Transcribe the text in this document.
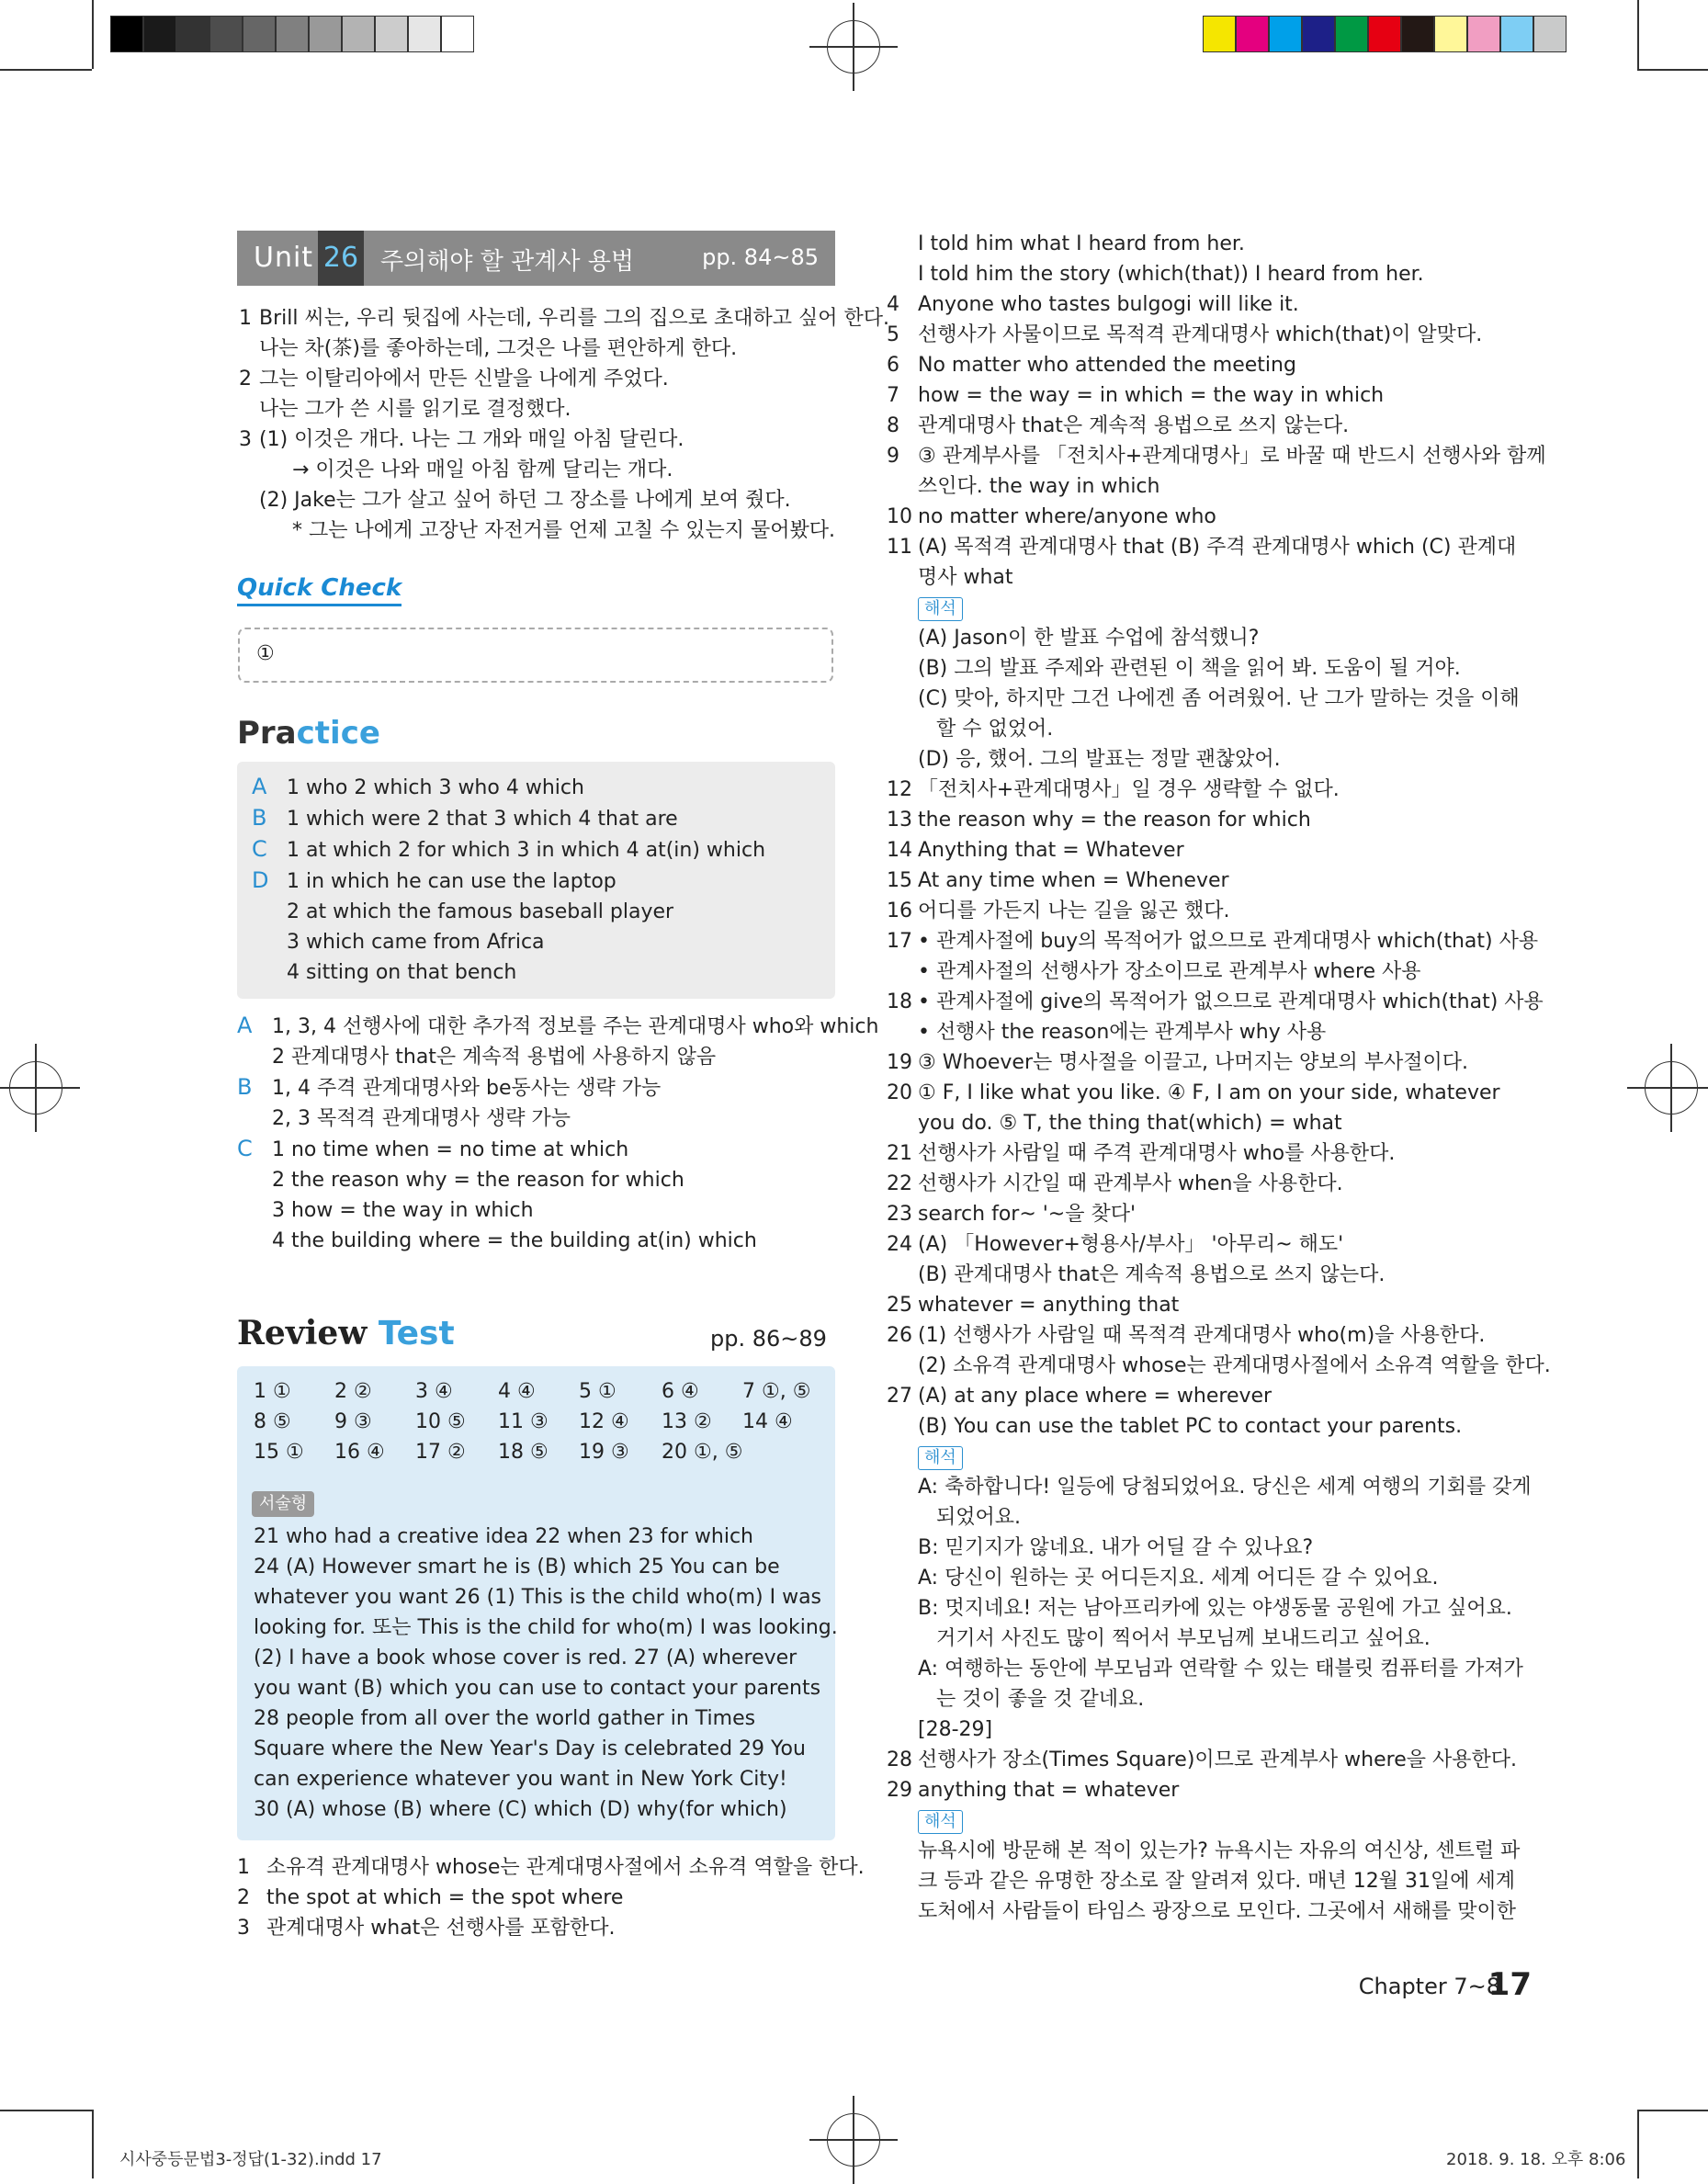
Unit 26 주의해야 할 관계사 용법	pp. 84~85
1 Brill 씨는, 우리 뒷집에 사는데, 우리를 그의 집으로 초대하고 싶어 한다.
나는 차(茶)를 좋아하는데, 그것은 나를 편안하게 한다.
2 그는 이탈리아에서 만든 신발을 나에게 주었다.
나는 그가 쓴 시를 읽기로 결정했다.
3 (1) 이것은 개다. 나는 그 개와 매일 아침 달린다.
→ 이것은 나와 매일 아침 함께 달리는 개다.
(2) Jake는 그가 살고 싶어 하던 그 장소를 나에게 보여 줬다.
* 그는 나에게 고장난 자전거를 언제 고칠 수 있는지 물어봤다.
Quick Check
①
Practice
A 1 who 2 which 3 who 4 which
B 1 which were 2 that 3 which 4 that are
C 1 at which 2 for which 3 in which 4 at(in) which
D 1 in which he can use the laptop
2 at which the famous baseball player
3 which came from Africa
4 sitting on that bench
A 1, 3, 4 선행사에 대한 추가적 정보를 주는 관계대명사 who와 which
2 관계대명사 that은 계속적 용법에 사용하지 않음
B 1, 4 주격 관계대명사와 be동사는 생략 가능
2, 3 목적격 관계대명사 생략 가능
C 1 no time when = no time at which
2 the reason why = the reason for which
3 how = the way in which
4 the building where = the building at(in) which
Review Test	pp. 86~89
1 ① 2 ② 3 ④ 4 ④ 5 ① 6 ④ 7 ①, ⑤
8 ⑤ 9 ③ 10 ⑤ 11 ③ 12 ④ 13 ② 14 ④
15 ① 16 ④ 17 ② 18 ⑤ 19 ③ 20 ①, ⑤
서술형
21 who had a creative idea 22 when 23 for which
24 (A) However smart he is (B) which 25 You can be
whatever you want 26 (1) This is the child who(m) I was
looking for. 또는 This is the child for who(m) I was looking.
(2) I have a book whose cover is red. 27 (A) wherever
you want (B) which you can use to contact your parents
28 people from all over the world gather in Times
Square where the New Year's Day is celebrated 29 You
can experience whatever you want in New York City!
30 (A) whose (B) where (C) which (D) why(for which)
1 소유격 관계대명사 whose는 관계대명사절에서 소유격 역할을 한다.
2 the spot at which = the spot where
3 관계대명사 what은 선행사를 포함한다.
I told him what I heard from her.
I told him the story (which(that)) I heard from her.
4 Anyone who tastes bulgogi will like it.
5 선행사가 사물이므로 목적격 관계대명사 which(that)이 알맞다.
6 No matter who attended the meeting
7 how = the way = in which = the way in which
8 관계대명사 that은 계속적 용법으로 쓰지 않는다.
9 ③ 관계부사를 「전치사+관계대명사」로 바꿀 때 반드시 선행사와 함께
쓰인다. the way in which
10 no matter where/anyone who
11 (A) 목적격 관계대명사 that (B) 주격 관계대명사 which (C) 관계대
명사 what
해석
(A) Jason이 한 발표 수업에 참석했니?
(B) 그의 발표 주제와 관련된 이 책을 읽어 봐. 도움이 될 거야.
(C) 맞아, 하지만 그건 나에겐 좀 어려웠어. 난 그가 말하는 것을 이해
할 수 없었어.
(D) 응, 했어. 그의 발표는 정말 괜찮았어.
12 「전치사+관계대명사」일 경우 생략할 수 없다.
13 the reason why = the reason for which
14 Anything that = Whatever
15 At any time when = Whenever
16 어디를 가든지 나는 길을 잃곤 했다.
17 • 관계사절에 buy의 목적어가 없으므로 관계대명사 which(that) 사용
• 관계사절의 선행사가 장소이므로 관계부사 where 사용
18 • 관계사절에 give의 목적어가 없으므로 관계대명사 which(that) 사용
• 선행사 the reason에는 관계부사 why 사용
19 ③ Whoever는 명사절을 이끌고, 나머지는 양보의 부사절이다.
20 ① F, I like what you like. ④ F, I am on your side, whatever
you do. ⑤ T, the thing that(which) = what
21 선행사가 사람일 때 주격 관계대명사 who를 사용한다.
22 선행사가 시간일 때 관계부사 when을 사용한다.
23 search for~ '~을 찾다'
24 (A) 「However+형용사/부사」 '아무리~ 해도'
(B) 관계대명사 that은 계속적 용법으로 쓰지 않는다.
25 whatever = anything that
26 (1) 선행사가 사람일 때 목적격 관계대명사 who(m)을 사용한다.
(2) 소유격 관계대명사 whose는 관계대명사절에서 소유격 역할을 한다.
27 (A) at any place where = wherever
(B) You can use the tablet PC to contact your parents.
해석
A: 축하합니다! 일등에 당첨되었어요. 당신은 세계 여행의 기회를 갖게
되었어요.
B: 믿기지가 않네요. 내가 어딜 갈 수 있나요?
A: 당신이 원하는 곳 어디든지요. 세계 어디든 갈 수 있어요.
B: 멋지네요! 저는 남아프리카에 있는 야생동물 공원에 가고 싶어요.
거기서 사진도 많이 찍어서 부모님께 보내드리고 싶어요.
A: 여행하는 동안에 부모님과 연락할 수 있는 태블릿 컴퓨터를 가져가
는 것이 좋을 것 같네요.
[28-29]
28 선행사가 장소(Times Square)이므로 관계부사 where을 사용한다.
29 anything that = whatever
해석
뉴욕시에 방문해 본 적이 있는가? 뉴욕시는 자유의 여신상, 센트럴 파
크 등과 같은 유명한 장소로 잘 알려져 있다. 매년 12월 31일에 세계
도처에서 사람들이 타임스 광장으로 모인다. 그곳에서 새해를 맞이한
Chapter 7~8
17
시사중등문법3-정답(1-32).indd 17	2018. 9. 18. 오후 8:06
